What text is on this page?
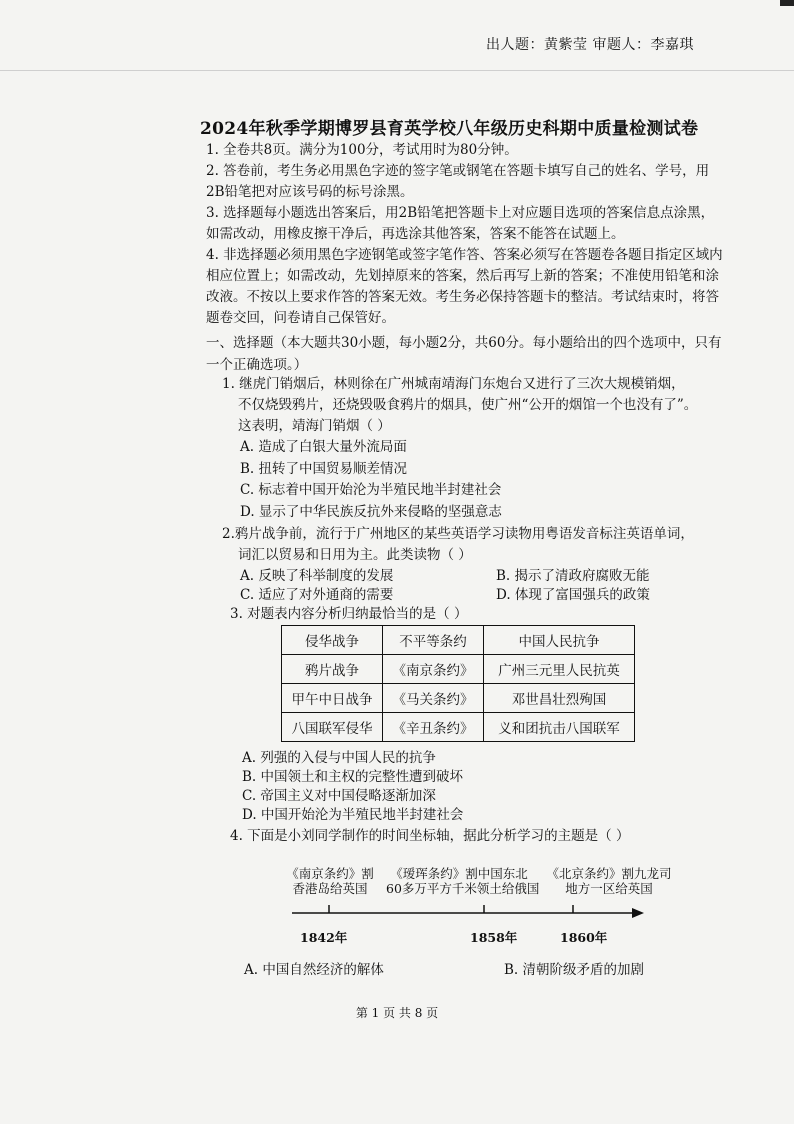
出人题：黄紫莹 审题人：李嘉琪
2024年秋季学期博罗县育英学校八年级历史科期中质量检测试卷

1. 全卷共8页。满分为100分，考试用时为80分钟。

2. 答卷前，考生务必用黑色字迹的签字笔或钢笔在答题卡填写自己的姓名、学号，用2B铅笔把对应该号码的标号涂黑。

3. 选择题每小题选出答案后，用2B铅笔把答题卡上对应题目选项的答案信息点涂黑，如需改动，用橡皮擦干净后，再选涂其他答案，答案不能答在试题上。

4. 非选择题必须用黑色字迹钢笔或签字笔作答、答案必须写在答题卷各题目指定区域内相应位置上；如需改动，先划掉原来的答案，然后再写上新的答案；不准使用铅笔和涂改液。不按以上要求作答的答案无效。考生务必保持答题卡的整洁。考试结束时，将答题卷交回，问卷请自己保管好。

一、选择题（本大题共30小题，每小题2分，共60分。每小题给出的四个选项中，只有一个正确选项。）
1. 继虎门销烟后，林则徐在广州城南靖海门东炮台又进行了三次大规模销烟，
不仅烧毁鸦片，还烧毁吸食鸦片的烟具，使广州“公开的烟馆一个也没有了”。
这表明，靖海门销烟（ ）
A. 造成了白银大量外流局面
B. 扭转了中国贸易顺差情况
C. 标志着中国开始沦为半殖民地半封建社会
D. 显示了中华民族反抗外来侵略的坚强意志
2.鸦片战争前，流行于广州地区的某些英语学习读物用粤语发音标注英语单词，
词汇以贸易和日用为主。此类读物（ ）
A. 反映了科举制度的发展	B. 揭示了清政府腐败无能
C. 适应了对外通商的需要	D. 体现了富国强兵的政策
3. 对题表内容分析归纳最恰当的是（ ）
侵华战争	不平等条约	中国人民抗争
鸦片战争	《南京条约》	广州三元里人民抗英
甲午中日战争	《马关条约》	邓世昌壮烈殉国
八国联军侵华	《辛丑条约》	义和团抗击八国联军
A. 列强的入侵与中国人民的抗争
B. 中国领土和主权的完整性遭到破坏
C. 帝国主义对中国侵略逐渐加深
D. 中国开始沦为半殖民地半封建社会
4. 下面是小刘同学制作的时间坐标轴，据此分析学习的主题是（ ）
《南京条约》割
香港岛给英国
《瑷珲条约》割中国东北
60多万平方千米领土给俄国
《北京条约》割九龙司
地方一区给英国
1842年	1858年	1860年
A. 中国自然经济的解体	B. 清朝阶级矛盾的加剧
第 1 页 共 8 页
